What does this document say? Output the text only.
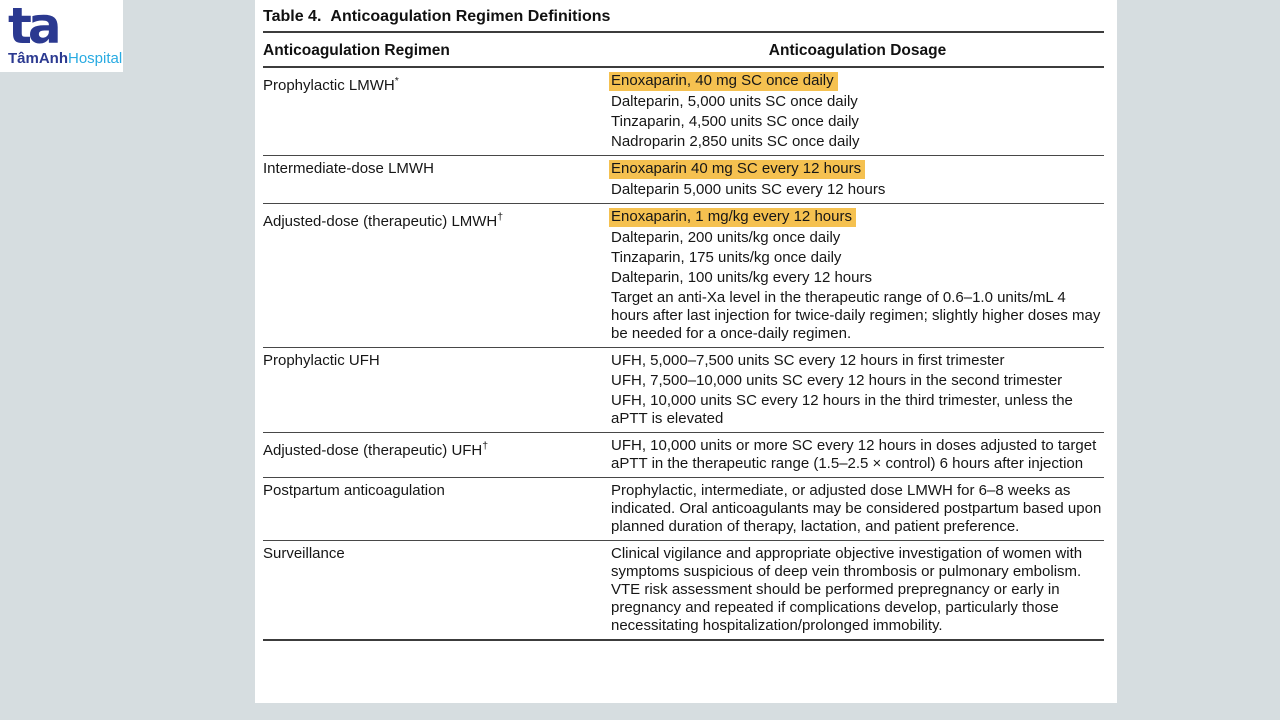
ta
TâmAnhHospital
Table 4. Anticoagulation Regimen Definitions
Anticoagulation Regimen	Anticoagulation Dosage
Prophylactic LMWH*	Enoxaparin, 40 mg SC once daily
Dalteparin, 5,000 units SC once daily
Tinzaparin, 4,500 units SC once daily
Nadroparin 2,850 units SC once daily

Intermediate-dose LMWH	Enoxaparin 40 mg SC every 12 hours
Dalteparin 5,000 units SC every 12 hours

Adjusted-dose (therapeutic) LMWH†	Enoxaparin, 1 mg/kg every 12 hours
Dalteparin, 200 units/kg once daily
Tinzaparin, 175 units/kg once daily
Dalteparin, 100 units/kg every 12 hours
Target an anti-Xa level in the therapeutic range of 0.6–1.0 units/mL 4 hours after last injection for twice-daily regimen; slightly higher doses may be needed for a once-daily regimen.

Prophylactic UFH	UFH, 5,000–7,500 units SC every 12 hours in first trimester
UFH, 7,500–10,000 units SC every 12 hours in the second trimester
UFH, 10,000 units SC every 12 hours in the third trimester, unless the aPTT is elevated

Adjusted-dose (therapeutic) UFH†	UFH, 10,000 units or more SC every 12 hours in doses adjusted to target aPTT in the therapeutic range (1.5–2.5 × control) 6 hours after injection

Postpartum anticoagulation	Prophylactic, intermediate, or adjusted dose LMWH for 6–8 weeks as indicated. Oral anticoagulants may be considered postpartum based upon planned duration of therapy, lactation, and patient preference.

Surveillance	Clinical vigilance and appropriate objective investigation of women with symptoms suspicious of deep vein thrombosis or pulmonary embolism. VTE risk assessment should be performed prepregnancy or early in pregnancy and repeated if complications develop, particularly those necessitating hospitalization/prolonged immobility.
